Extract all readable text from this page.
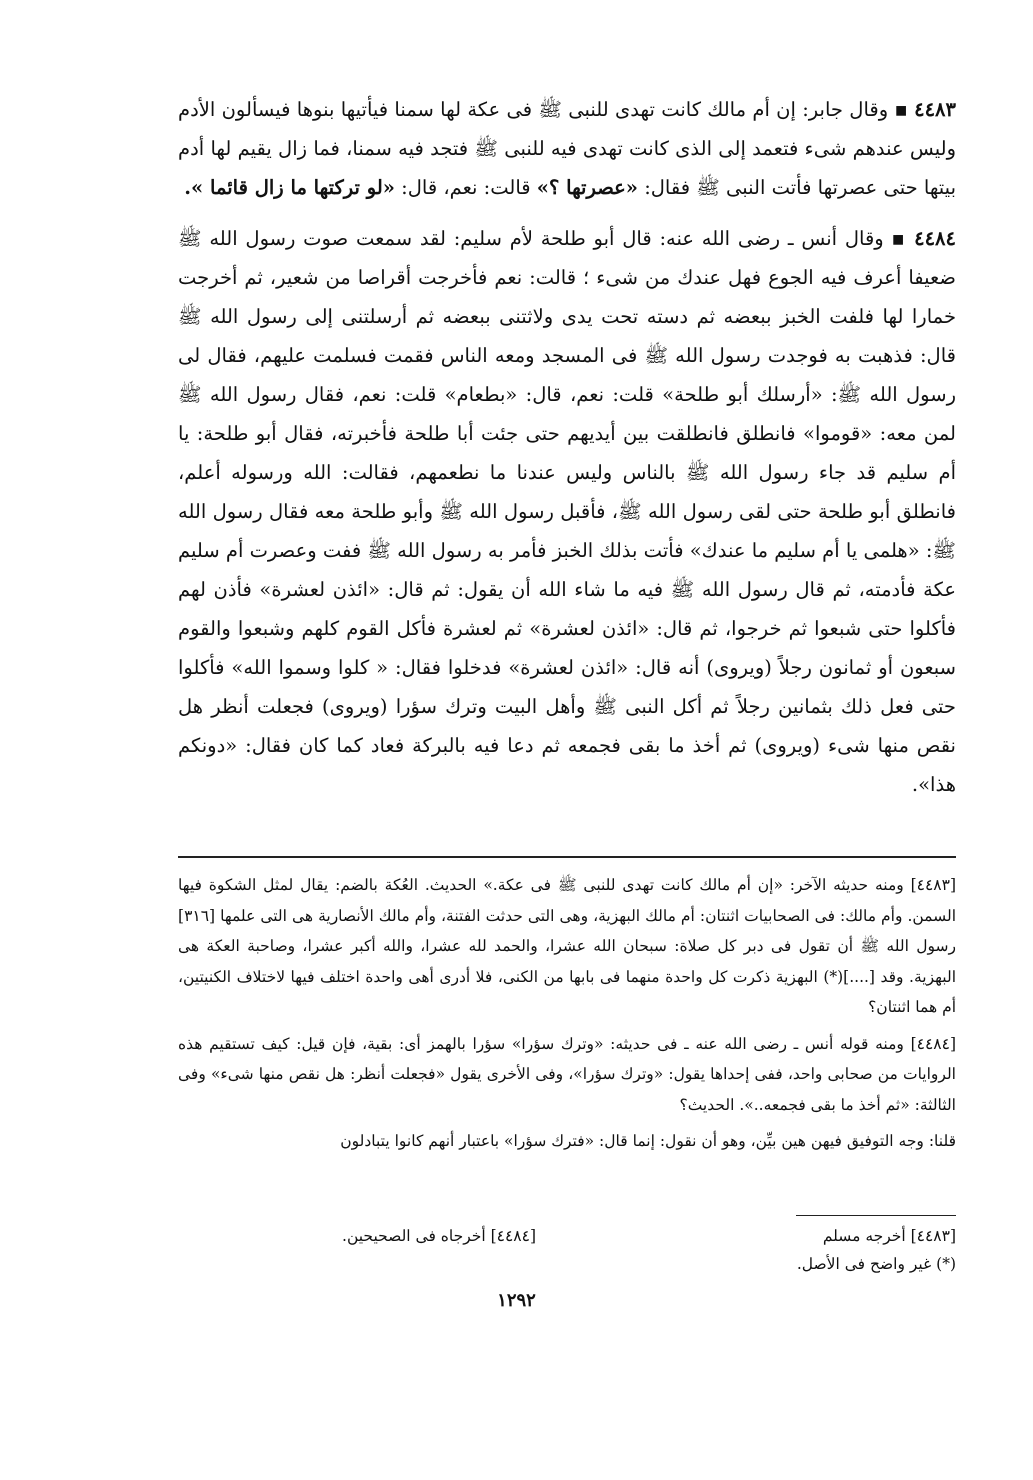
٤٤٨٣ ▪ وقال جابر: إن أم مالك كانت تهدى للنبى ﷺ فى عكة لها سمنا فيأتيها بنوها فيسألون الأدم وليس عندهم شىء فتعمد إلى الذى كانت تهدى فيه للنبى ﷺ فتجد فيه سمنا، فما زال يقيم لها أدم بيتها حتى عصرتها فأتت النبى ﷺ فقال: «عصرتها ؟» قالت: نعم، قال: «لو تركتها ما زال قائما ».

٤٤٨٤ ▪ وقال أنس ـ رضى الله عنه: قال أبو طلحة لأم سليم: لقد سمعت صوت رسول الله ﷺ ضعيفا أعرف فيه الجوع فهل عندك من شىء ؛ قالت: نعم فأخرجت أقراصا من شعير، ثم أخرجت خمارا لها فلفت الخبز ببعضه ثم دسته تحت يدى ولاثتنى ببعضه ثم أرسلتنى إلى رسول الله ﷺ قال: فذهبت به فوجدت رسول الله ﷺ فى المسجد ومعه الناس فقمت فسلمت عليهم، فقال لى رسول الله ﷺ: «أرسلك أبو طلحة» قلت: نعم، قال: «بطعام» قلت: نعم، فقال رسول الله ﷺ لمن معه: «قوموا» فانطلق فانطلقت بين أيديهم حتى جئت أبا طلحة فأخبرته، فقال أبو طلحة: يا أم سليم قد جاء رسول الله ﷺ بالناس وليس عندنا ما نطعمهم، فقالت: الله ورسوله أعلم، فانطلق أبو طلحة حتى لقى رسول الله ﷺ، فأقبل رسول الله ﷺ وأبو طلحة معه فقال رسول الله ﷺ: «هلمى يا أم سليم ما عندك» فأتت بذلك الخبز فأمر به رسول الله ﷺ ففت وعصرت أم سليم عكة فأدمته، ثم قال رسول الله ﷺ فيه ما شاء الله أن يقول: ثم قال: «ائذن لعشرة» فأذن لهم فأكلوا حتى شبعوا ثم خرجوا، ثم قال: «ائذن لعشرة» ثم لعشرة فأكل القوم كلهم وشبعوا والقوم سبعون أو ثمانون رجلاً (ويروى) أنه قال: «ائذن لعشرة» فدخلوا فقال: « كلوا وسموا الله» فأكلوا حتى فعل ذلك بثمانين رجلاً ثم أكل النبى ﷺ وأهل البيت وترك سؤرا (ويروى) فجعلت أنظر هل نقص منها شىء (ويروى) ثم أخذ ما بقى فجمعه ثم دعا فيه بالبركة فعاد كما كان فقال: «دونكم هذا».

[٤٤٨٣] ومنه حديثه الآخر: «إن أم مالك كانت تهدى للنبى ﷺ فى عكة.» الحديث. العُكة بالضم: يقال لمثل الشكوة فيها السمن. وأم مالك: فى الصحابيات اثنتان: أم مالك البهزية، وهى التى حدثت الفتنة، وأم مالك الأنصارية هى التى علمها [٣١٦] رسول الله ﷺ أن تقول فى دبر كل صلاة: سبحان الله عشرا، والحمد لله عشرا، والله أكبر عشرا، وصاحبة العكة هى البهزية. وقد [....](*) البهزية ذكرت كل واحدة منهما فى بابها من الكنى، فلا أدرى أهى واحدة اختلف فيها لاختلاف الكنيتين، أم هما اثنتان؟

[٤٤٨٤] ومنه قوله أنس ـ رضى الله عنه ـ فى حديثه: «وترك سؤرا» سؤرا بالهمز أى: بقية، فإن قيل: كيف تستقيم هذه الروايات من صحابى واحد، ففى إحداها يقول: «وترك سؤرا»، وفى الأخرى يقول «فجعلت أنظر: هل نقص منها شىء» وفى الثالثة: «ثم أخذ ما بقى فجمعه..». الحديث؟

قلنا: وجه التوفيق فيهن هين بيِّن، وهو أن نقول: إنما قال: «فترك سؤرا» باعتبار أنهم كانوا يتبادلون

[٤٤٨٣] أخرجه مسلم
[٤٤٨٤] أخرجاه فى الصحيحين.
(*) غير واضح فى الأصل.
١٢٩٢
